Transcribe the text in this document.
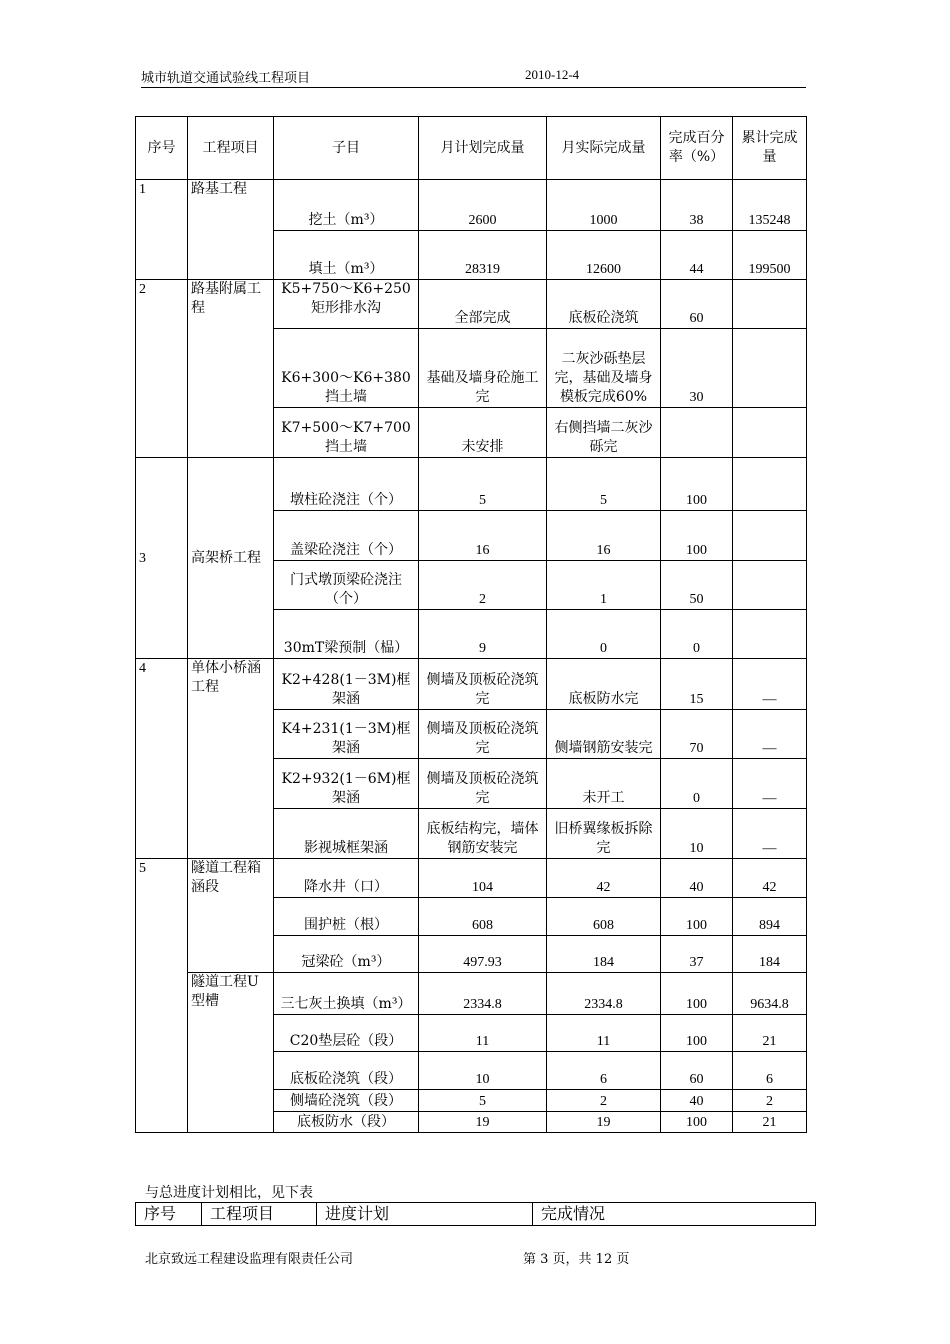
城市轨道交通试验线工程项目	2010-12-4
序号	工程项目	子目	月计划完成量	月实际完成量	完成百分率（%）	累计完成量
1	路基工程	挖土（m³）	2600	1000	38	135248
		填土（m³）	28319	12600	44	199500
2	路基附属工程	K5+750～K6+250矩形排水沟	全部完成	底板砼浇筑	60	
		K6+300～K6+380挡土墙	基础及墙身砼施工完	二灰沙砾垫层完，基础及墙身模板完成60%	30	
		K7+500～K7+700挡土墙	未安排	右侧挡墙二灰沙砾完		
3	高架桥工程	墩柱砼浇注（个）	5	5	100	
		盖梁砼浇注（个）	16	16	100	
		门式墩顶梁砼浇注（个）	2	1	50	
		30mT梁预制（榀）	9	0	0	
4	单体小桥涵工程	K2+428(1－3M)框架涵	侧墙及顶板砼浇筑完	底板防水完	15	—
		K4+231(1－3M)框架涵	侧墙及顶板砼浇筑完	侧墙钢筋安装完	70	—
		K2+932(1－6M)框架涵	侧墙及顶板砼浇筑完	未开工	0	—
		影视城框架涵	底板结构完，墙体钢筋安装完	旧桥翼缘板拆除完	10	—
5	隧道工程箱涵段	降水井（口）	104	42	40	42
		围护桩（根）	608	608	100	894
		冠梁砼（m³）	497.93	184	37	184
	隧道工程U型槽	三七灰土换填（m³）	2334.8	2334.8	100	9634.8
		C20垫层砼（段）	11	11	100	21
		底板砼浇筑（段）	10	6	60	6
		侧墙砼浇筑（段）	5	2	40	2
		底板防水（段）	19	19	100	21
与总进度计划相比，见下表
序号	工程项目	进度计划	完成情况
北京致远工程建设监理有限责任公司	第 3 页，共 12 页
